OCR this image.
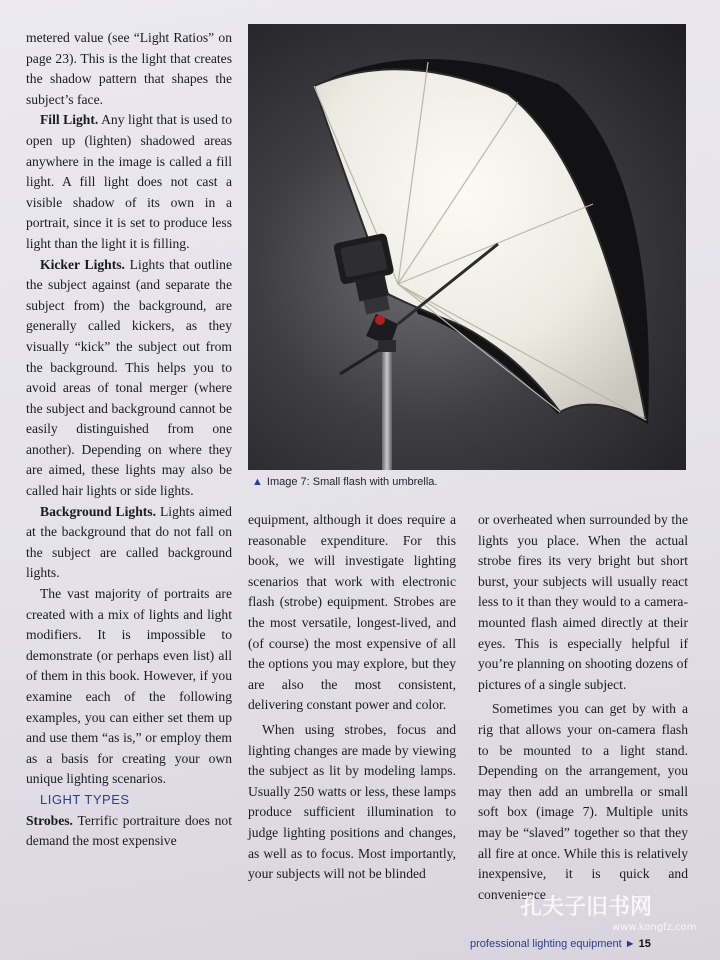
metered value (see “Light Ratios” on page 23). This is the light that creates the shadow pattern that shapes the subject’s face.

Fill Light. Any light that is used to open up (lighten) shadowed areas anywhere in the image is called a fill light. A fill light does not cast a visible shadow of its own in a portrait, since it is set to produce less light than the light it is filling.

Kicker Lights. Lights that outline the subject against (and separate the subject from) the background, are generally called kickers, as they visually “kick” the subject out from the background. This helps you to avoid areas of tonal merger (where the subject and background cannot be easily distinguished from one another). Depending on where they are aimed, these lights may also be called hair lights or side lights.

Background Lights. Lights aimed at the background that do not fall on the subject are called background lights.

The vast majority of portraits are created with a mix of lights and light modifiers. It is impossible to demonstrate (or perhaps even list) all of them in this book. However, if you examine each of the following examples, you can either set them up and use them “as is,” or employ them as a basis for creating your own unique lighting scenarios.

LIGHT TYPES

Strobes. Terrific portraiture does not demand the most expensive

▲ Image 7: Small flash with umbrella.

equipment, although it does require a reasonable expenditure. For this book, we will investigate lighting scenarios that work with electronic flash (strobe) equipment. Strobes are the most versatile, longest-lived, and (of course) the most expensive of all the options you may explore, but they are also the most consistent, delivering constant power and color.

When using strobes, focus and lighting changes are made by viewing the subject as lit by modeling lamps. Usually 250 watts or less, these lamps produce sufficient illumination to judge lighting positions and changes, as well as to focus. Most importantly, your subjects will not be blinded

or overheated when surrounded by the lights you place. When the actual strobe fires its very bright but short burst, your subjects will usually react less to it than they would to a camera-mounted flash aimed directly at their eyes. This is especially helpful if you’re planning on shooting dozens of pictures of a single subject.

Sometimes you can get by with a rig that allows your on-camera flash to be mounted to a light stand. Depending on the arrangement, you may then add an umbrella or small soft box (image 7). Multiple units may be “slaved” together so that they all fire at once. While this is relatively inexpensive, it is quick and convenience

孔夫子旧书网
www.kongfz.com
professional lighting equipment ► 15
